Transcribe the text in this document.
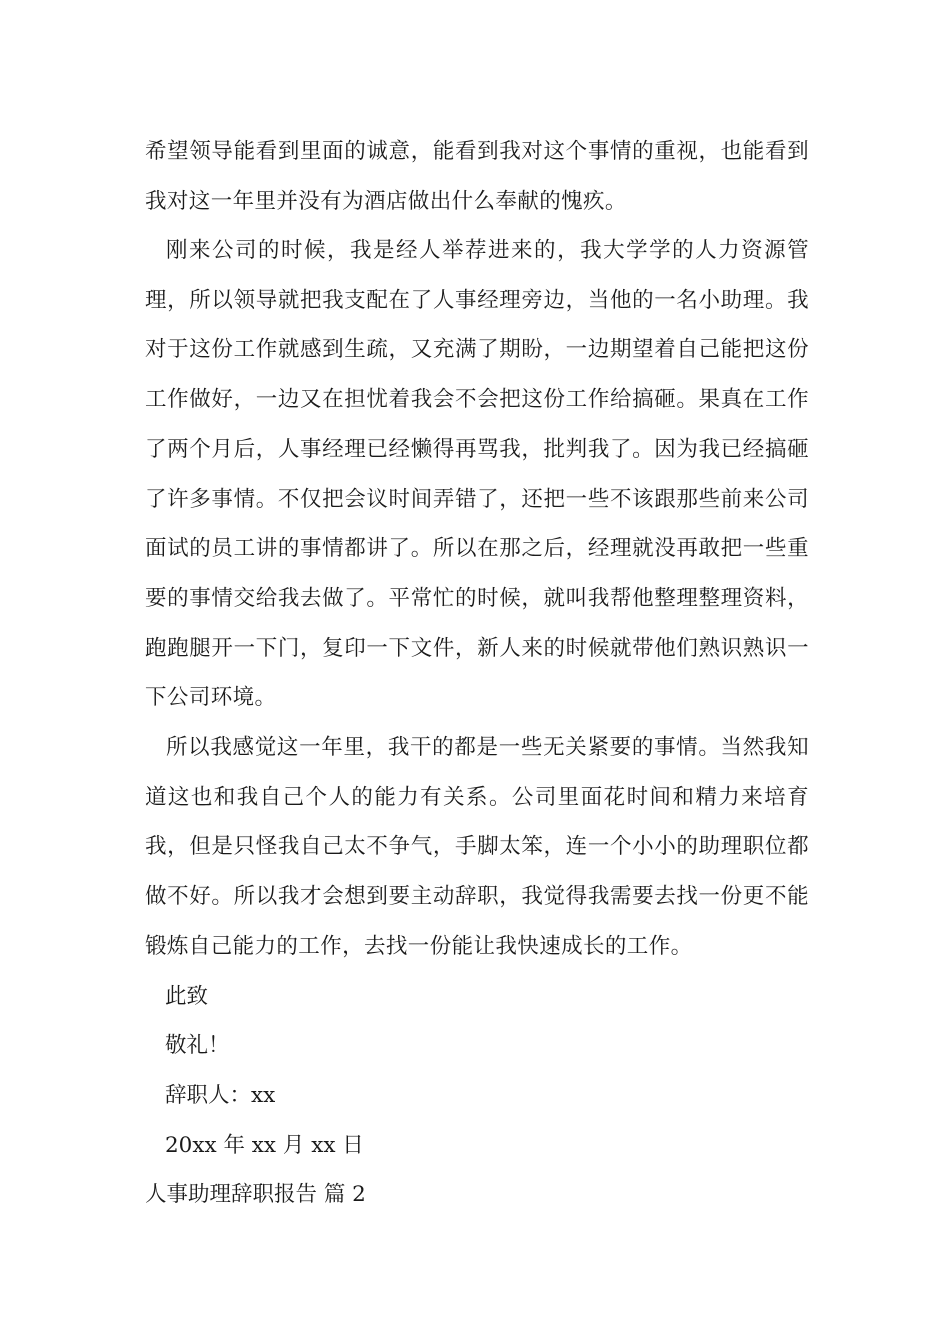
希望领导能看到里面的诚意，能看到我对这个事情的重视，也能看到我对这一年里并没有为酒店做出什么奉献的愧疚。

刚来公司的时候，我是经人举荐进来的，我大学学的人力资源管理，所以领导就把我支配在了人事经理旁边，当他的一名小助理。我对于这份工作就感到生疏，又充满了期盼，一边期望着自己能把这份工作做好，一边又在担忧着我会不会把这份工作给搞砸。果真在工作了两个月后，人事经理已经懒得再骂我，批判我了。因为我已经搞砸了许多事情。不仅把会议时间弄错了，还把一些不该跟那些前来公司面试的员工讲的事情都讲了。所以在那之后，经理就没再敢把一些重要的事情交给我去做了。平常忙的时候，就叫我帮他整理整理资料，跑跑腿开一下门，复印一下文件，新人来的时候就带他们熟识熟识一下公司环境。

所以我感觉这一年里，我干的都是一些无关紧要的事情。当然我知道这也和我自己个人的能力有关系。公司里面花时间和精力来培育我，但是只怪我自己太不争气，手脚太笨，连一个小小的助理职位都做不好。所以我才会想到要主动辞职，我觉得我需要去找一份更不能锻炼自己能力的工作，去找一份能让我快速成长的工作。

此致

敬礼！

辞职人：xx

20xx 年 xx 月 xx 日

人事助理辞职报告 篇 2
